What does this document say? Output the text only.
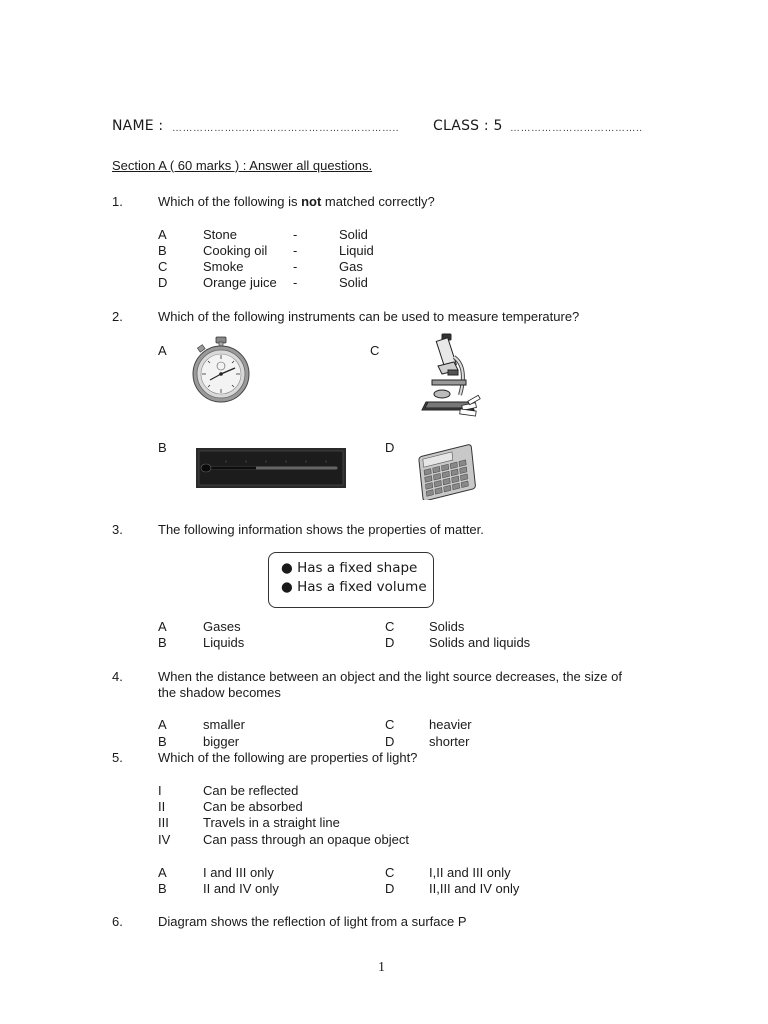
NAME : ……………………………………………………….. CLASS : 5 ………………………………..
Section A ( 60 marks ) : Answer all questions.
1.	Which of the following is not matched correctly?
A	Stone	-	Solid
B	Cooking oil -	Liquid
C	Smoke	-	Gas
D	Orange juice -	Solid
2.	Which of the following instruments can be used to measure temperature?
A	C
B	D
3.	The following information shows the properties of matter.
● Has a fixed shape
● Has a fixed volume
A	Gases	C	Solids
B	Liquids	D	Solids and liquids
4.	When the distance between an object and the light source decreases, the size of
the shadow becomes
A	smaller	C	heavier
B	bigger	D	shorter
5.	Which of the following are properties of light?
I	Can be reflected
II	Can be absorbed
III	Travels in a straight line
IV	Can pass through an opaque object
A	I and III only	C	I,II and III only
B	II and IV only	D	II,III and IV only
6.	Diagram shows the reflection of light from a surface P
1
